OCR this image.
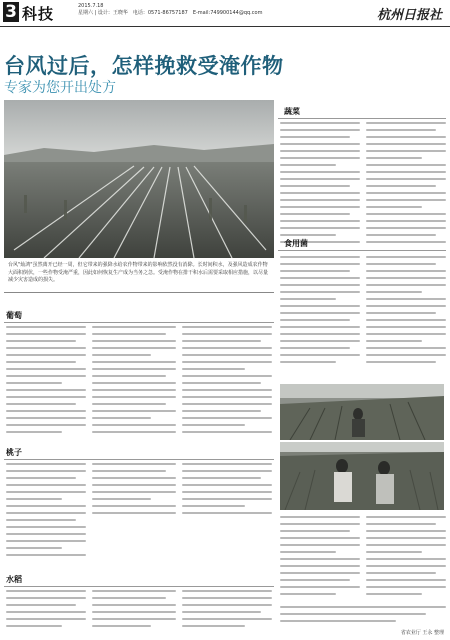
3 科技	2015.7.18
星期六 | 设计：王晓华　电话：0571-86757187　E-mail:749900144@qq.com	杭州日报社
台风过后，怎样挽救受淹作物
专家为您开出处方
台风"灿鸿"虽然离开已经一周，但它带来的强降水给农作物带来的影响依然没有消除。长时间积水，及强风造成农作物大面积倒伏，一些作物受淹严重，因此如何恢复生产成为当务之急。受淹作物在排干积水后需要采取相应措施，以尽量减少灾害造成的损失。
葡萄
桃子
水稻
蔬菜
食用菌
省农业厅 王永 整理
